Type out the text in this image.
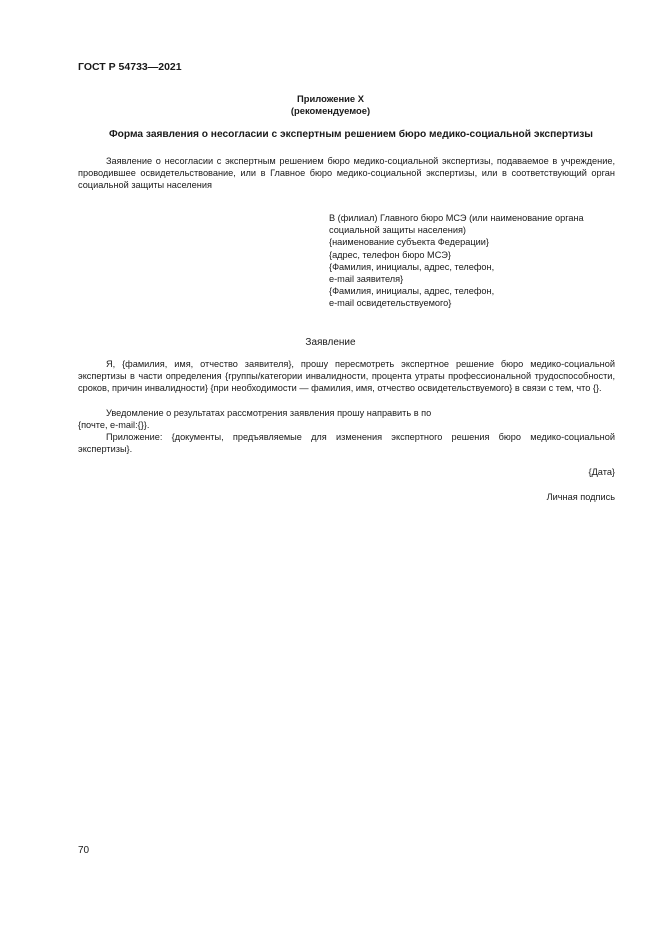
ГОСТ Р 54733—2021
Приложение Х
(рекомендуемое)
Форма заявления о несогласии с экспертным решением бюро медико-социальной экспертизы

Заявление о несогласии с экспертным решением бюро медико-социальной экспертизы, подаваемое в учреждение, проводившее освидетельствование, или в Главное бюро медико-социальной экспертизы, или в соответствующий орган социальной защиты населения

В (филиал) Главного бюро МСЭ (или наименование органа
социальной защиты населения)
{наименование субъекта Федерации}
{адрес, телефон бюро МСЭ}
{Фамилия, инициалы, адрес, телефон,
e-mail заявителя}
{Фамилия, инициалы, адрес, телефон,
e-mail освидетельствуемого}
Заявление

Я, {фамилия, имя, отчество заявителя}, прошу пересмотреть экспертное решение бюро медико-социальной экспертизы в части определения {группы/категории инвалидности, процента утраты профессиональной трудоспособности, сроков, причин инвалидности} {при необходимости — фамилия, имя, отчество освидетельствуемого} в связи с тем, что {}.

Уведомление о результатах рассмотрения заявления прошу направить в по
{почте, e-mail:{}}.

Приложение: {документы, предъявляемые для изменения экспертного решения бюро медико-социальной экспертизы}.

{Дата}
Личная подпись
70
